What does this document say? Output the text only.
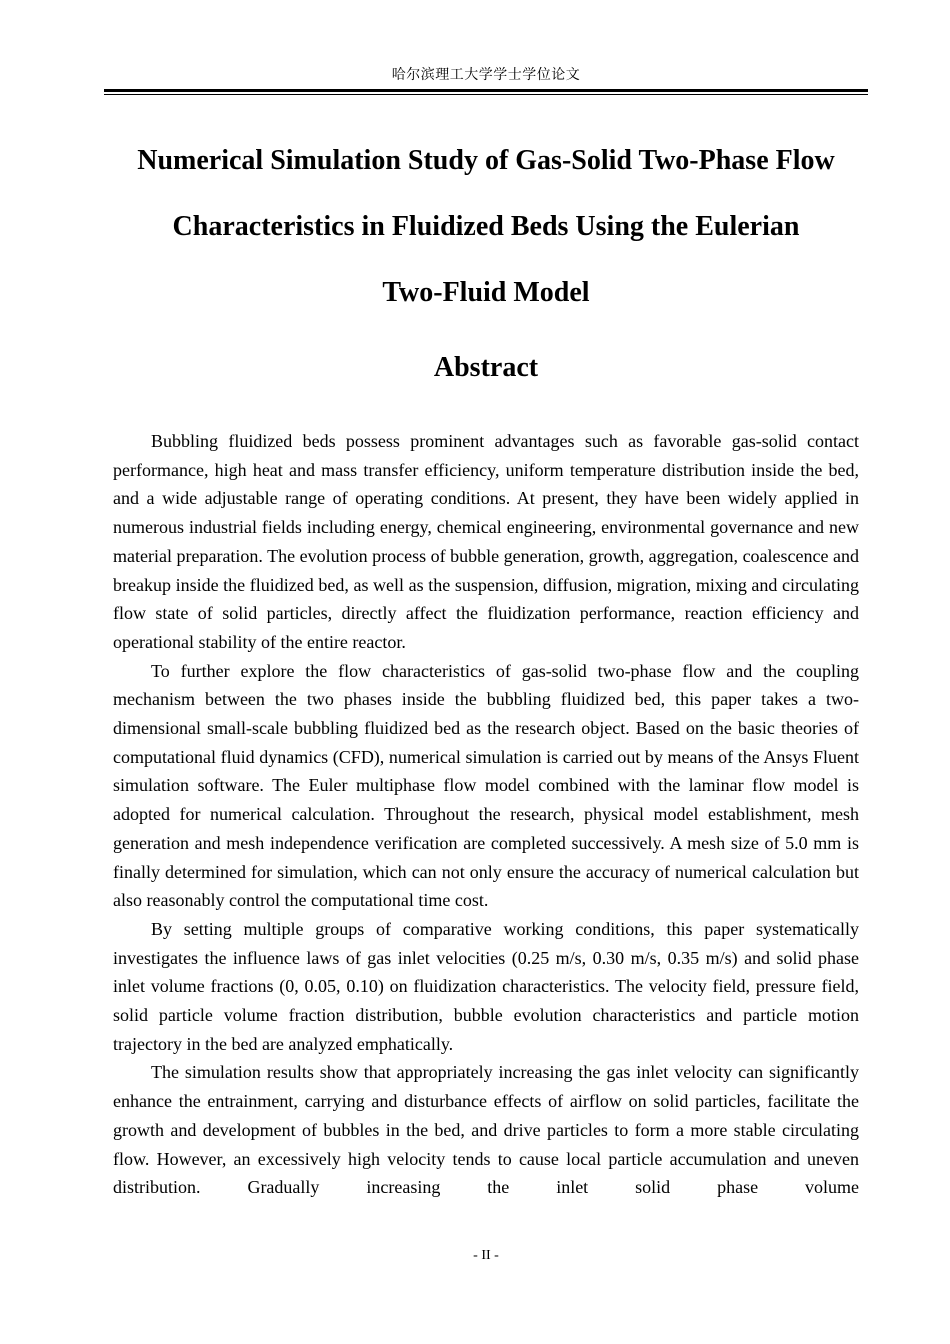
哈尔滨理工大学学士学位论文
Numerical Simulation Study of Gas-Solid Two-Phase Flow
Characteristics in Fluidized Beds Using the Eulerian
Two-Fluid Model
Abstract

Bubbling fluidized beds possess prominent advantages such as favorable gas-solid contact performance, high heat and mass transfer efficiency, uniform temperature distribution inside the bed, and a wide adjustable range of operating conditions. At present, they have been widely applied in numerous industrial fields including energy, chemical engineering, environmental governance and new material preparation. The evolution process of bubble generation, growth, aggregation, coalescence and breakup inside the fluidized bed, as well as the suspension, diffusion, migration, mixing and circulating flow state of solid particles, directly affect the fluidization performance, reaction efficiency and operational stability of the entire reactor.

To further explore the flow characteristics of gas-solid two-phase flow and the coupling mechanism between the two phases inside the bubbling fluidized bed, this paper takes a two-dimensional small-scale bubbling fluidized bed as the research object. Based on the basic theories of computational fluid dynamics (CFD), numerical simulation is carried out by means of the Ansys Fluent simulation software. The Euler multiphase flow model combined with the laminar flow model is adopted for numerical calculation. Throughout the research, physical model establishment, mesh generation and mesh independence verification are completed successively. A mesh size of 5.0 mm is finally determined for simulation, which can not only ensure the accuracy of numerical calculation but also reasonably control the computational time cost.

By setting multiple groups of comparative working conditions, this paper systematically investigates the influence laws of gas inlet velocities (0.25 m/s, 0.30 m/s, 0.35 m/s) and solid phase inlet volume fractions (0, 0.05, 0.10) on fluidization characteristics. The velocity field, pressure field, solid particle volume fraction distribution, bubble evolution characteristics and particle motion trajectory in the bed are analyzed emphatically.

The simulation results show that appropriately increasing the gas inlet velocity can significantly enhance the entrainment, carrying and disturbance effects of airflow on solid particles, facilitate the growth and development of bubbles in the bed, and drive particles to form a more stable circulating flow. However, an excessively high velocity tends to cause local particle accumulation and uneven distribution. Gradually increasing the inlet solid phase volume

- II -
